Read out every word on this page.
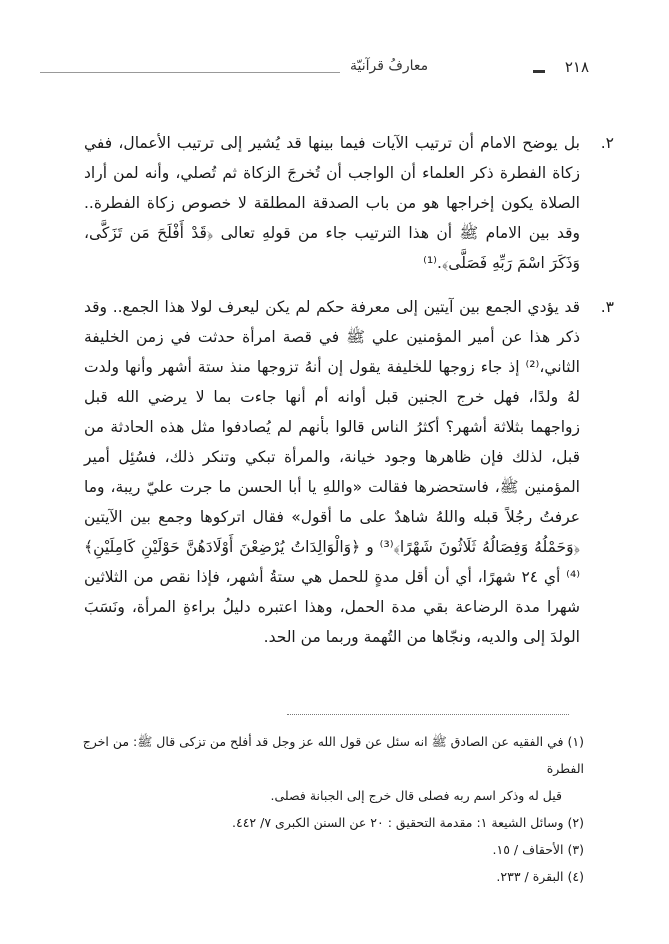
٢١٨
معارفُ قرآنيّة

٢.
بل يوضح الامام أن ترتيب الآيات فيما بينها قد يُشير إلى ترتيب الأعمال، ففي زكاة الفطرة ذكر العلماء أن الواجب أن تُخرجَ الزكاة ثم تُصلي، وأنه لمن أراد الصلاة يكون إخراجها هو من باب الصدقة المطلقة لا خصوص زكاة الفطرة.. وقد بين الامام ﷺ أن هذا الترتيب جاء من قولهِ تعالى ﴿قَدْ أَفْلَحَ مَن تَزَكَّى، وَذَكَرَ اسْمَ رَبِّهِ فَصَلَّى﴾.⁽¹⁾

٣.
قد يؤدي الجمع بين آيتين إلى معرفة حكم لم يكن ليعرف لولا هذا الجمع.. وقد ذكر هذا عن أمير المؤمنين علي ﷺ في قصة امرأة حدثت في زمن الخليفة الثاني،⁽²⁾ إذ جاء زوجها للخليفة يقول إن أنهُ تزوجها منذ ستة أشهر وأنها ولدت لهُ ولدًا، فهل خرج الجنين قبل أوانه أم أنها جاءت بما لا يرضي الله قبل زواجهما بثلاثة أشهر؟ أكثرُ الناس قالوا بأنهم لم يُصادفوا مثل هذه الحادثة من قبل، لذلك فإن ظاهرها وجود خيانة، والمرأة تبكي وتنكر ذلك، فسُئِل أمير المؤمنين ﷺ، فاستحضرها فقالت «واللهِ يا أبا الحسن ما جرت عليّ ريبة، وما عرفتُ رجُلاً قبله واللهُ شاهدٌ على ما أقول» فقال اتركوها وجمع بين الآيتين ﴿وَحَمْلُهُ وَفِصَالُهُ ثَلَاثُونَ شَهْرًا﴾⁽³⁾ و ﴿وَالْوَالِدَاتُ يُرْضِعْنَ أَوْلَادَهُنَّ حَوْلَيْنِ كَامِلَيْنِ﴾⁽⁴⁾ أي ٢٤ شهرًا، أي أن أقل مدةٍ للحمل هي ستةُ أشهر، فإذا نقص من الثلاثين شهرا مدة الرضاعة بقي مدة الحمل، وهذا اعتبره دليلُ براءةِ المرأة، ونَسَبَ الولدَ إلى والديه، ونجّاها من التُهمة وربما من الحد.

(١) في الفقيه عن الصادق ﷺ انه سئل عن قول الله عز وجل قد أفلح من تزكى قال ﷺ: من اخرج الفطرة

قيل له وذكر اسم ربه فصلى قال خرج إلى الجبانة فصلى.

(٢) وسائل الشيعة ١: مقدمة التحقيق : ٢٠ عن السنن الكبرى ٧/ ٤٤٢.

(٣) الأحقاف / ١٥.

(٤) البقرة / ٢٣٣.
